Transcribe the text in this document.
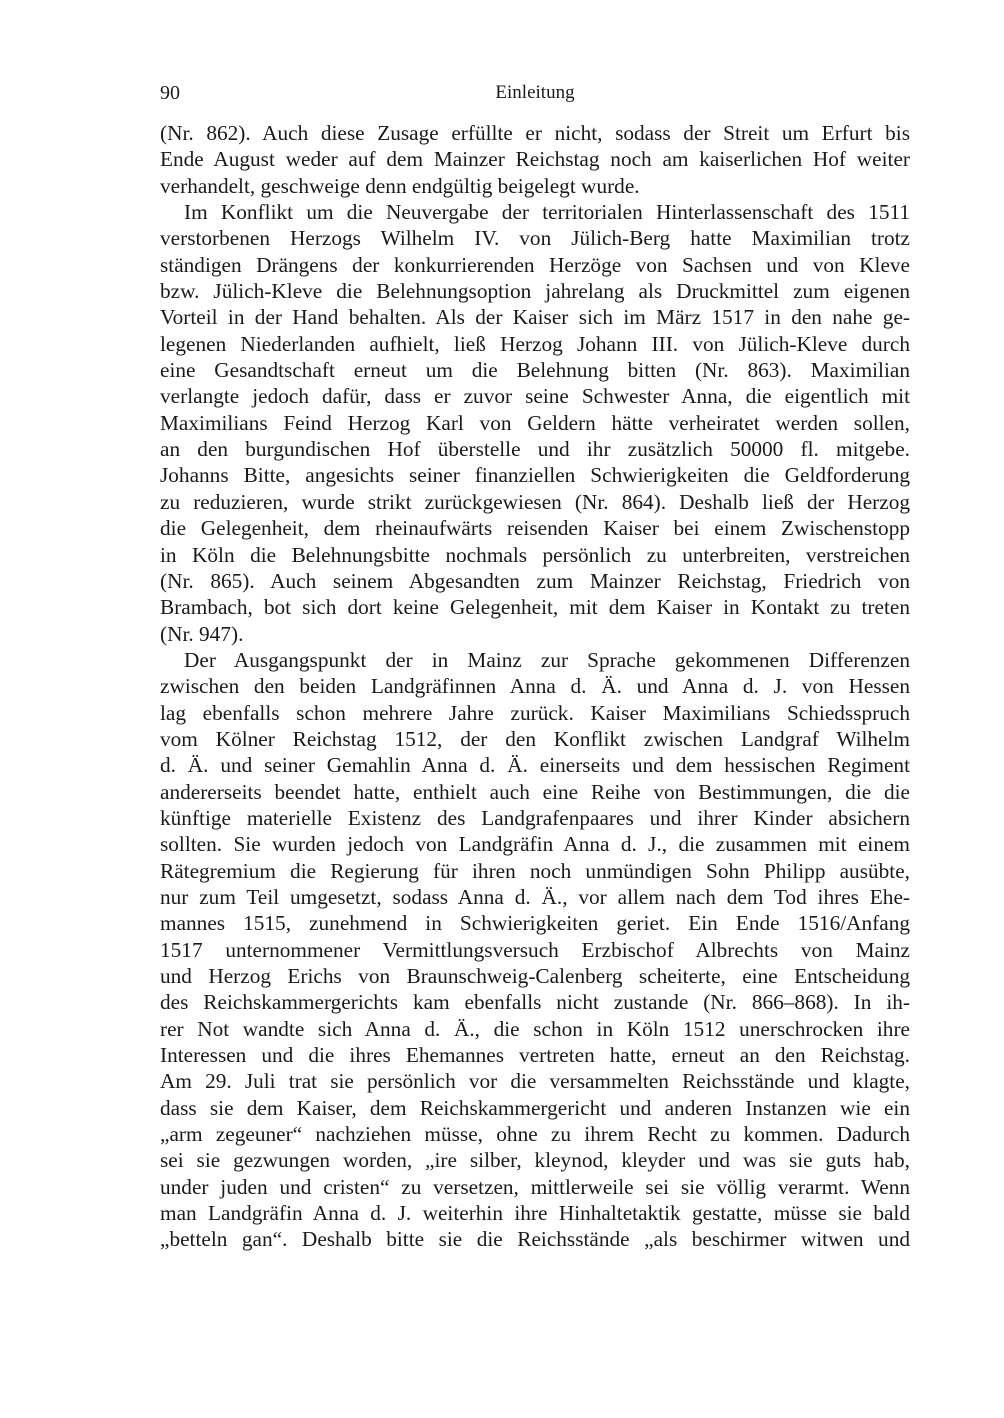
90	Einleitung
(Nr. 862). Auch diese Zusage erfüllte er nicht, sodass der Streit um Erfurt bis
Ende August weder auf dem Mainzer Reichstag noch am kaiserlichen Hof weiter
verhandelt, geschweige denn endgültig beigelegt wurde.
Im Konflikt um die Neuvergabe der territorialen Hinterlassenschaft des 1511
verstorbenen Herzogs Wilhelm IV. von Jülich-Berg hatte Maximilian trotz
ständigen Drängens der konkurrierenden Herzöge von Sachsen und von Kleve
bzw. Jülich-Kleve die Belehnungsoption jahrelang als Druckmittel zum eigenen
Vorteil in der Hand behalten. Als der Kaiser sich im März 1517 in den nahe ge-
legenen Niederlanden aufhielt, ließ Herzog Johann III. von Jülich-Kleve durch
eine Gesandtschaft erneut um die Belehnung bitten (Nr. 863). Maximilian
verlangte jedoch dafür, dass er zuvor seine Schwester Anna, die eigentlich mit
Maximilians Feind Herzog Karl von Geldern hätte verheiratet werden sollen,
an den burgundischen Hof überstelle und ihr zusätzlich 50000 fl. mitgebe.
Johanns Bitte, angesichts seiner finanziellen Schwierigkeiten die Geldforderung
zu reduzieren, wurde strikt zurückgewiesen (Nr. 864). Deshalb ließ der Herzog
die Gelegenheit, dem rheinaufwärts reisenden Kaiser bei einem Zwischenstopp
in Köln die Belehnungsbitte nochmals persönlich zu unterbreiten, verstreichen
(Nr. 865). Auch seinem Abgesandten zum Mainzer Reichstag, Friedrich von
Brambach, bot sich dort keine Gelegenheit, mit dem Kaiser in Kontakt zu treten
(Nr. 947).
Der Ausgangspunkt der in Mainz zur Sprache gekommenen Differenzen
zwischen den beiden Landgräfinnen Anna d. Ä. und Anna d. J. von Hessen
lag ebenfalls schon mehrere Jahre zurück. Kaiser Maximilians Schiedsspruch
vom Kölner Reichstag 1512, der den Konflikt zwischen Landgraf Wilhelm
d. Ä. und seiner Gemahlin Anna d. Ä. einerseits und dem hessischen Regiment
andererseits beendet hatte, enthielt auch eine Reihe von Bestimmungen, die die
künftige materielle Existenz des Landgrafenpaares und ihrer Kinder absichern
sollten. Sie wurden jedoch von Landgräfin Anna d. J., die zusammen mit einem
Rätegremium die Regierung für ihren noch unmündigen Sohn Philipp ausübte,
nur zum Teil umgesetzt, sodass Anna d. Ä., vor allem nach dem Tod ihres Ehe-
mannes 1515, zunehmend in Schwierigkeiten geriet. Ein Ende 1516/Anfang
1517 unternommener Vermittlungsversuch Erzbischof Albrechts von Mainz
und Herzog Erichs von Braunschweig-Calenberg scheiterte, eine Entscheidung
des Reichskammergerichts kam ebenfalls nicht zustande (Nr. 866–868). In ih-
rer Not wandte sich Anna d. Ä., die schon in Köln 1512 unerschrocken ihre
Interessen und die ihres Ehemannes vertreten hatte, erneut an den Reichstag.
Am 29. Juli trat sie persönlich vor die versammelten Reichsstände und klagte,
dass sie dem Kaiser, dem Reichskammergericht und anderen Instanzen wie ein
„arm zegeuner“ nachziehen müsse, ohne zu ihrem Recht zu kommen. Dadurch
sei sie gezwungen worden, „ire silber, kleynod, kleyder und was sie guts hab,
under juden und cristen“ zu versetzen, mittlerweile sei sie völlig verarmt. Wenn
man Landgräfin Anna d. J. weiterhin ihre Hinhaltetaktik gestatte, müsse sie bald
„betteln gan“. Deshalb bitte sie die Reichsstände „als beschirmer witwen und
